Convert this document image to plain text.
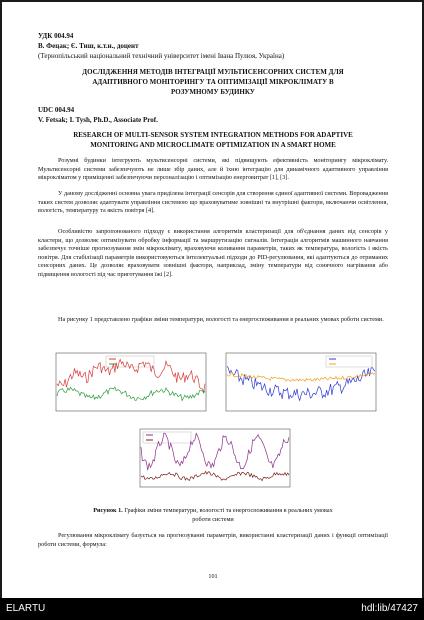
УДК 004.94
В. Фецак; Є. Тиш, к.т.н., доцент
(Тернопільський національний технічний університет імені Івана Пулюя, Україна)
ДОСЛІДЖЕННЯ МЕТОДІВ ІНТЕГРАЦІЇ МУЛЬТИСЕНСОРНИХ СИСТЕМ ДЛЯ
АДАПТИВНОГО МОНІТОРИНГУ ТА ОПТИМІЗАЦІЇ МІКРОКЛІМАТУ В
РОЗУМНОМУ БУДИНКУ
UDC 004.94
V. Fetsak; I. Tysh, Ph.D., Associate Prof.
RESEARCH OF MULTI-SENSOR SYSTEM INTEGRATION METHODS FOR ADAPTIVE
MONITORING AND MICROCLIMATE OPTIMIZATION IN A SMART HOME
Розумні будинки інтегрують мультисенсорні системи, які підвищують ефективність моніторингу мікроклімату. Мультисенсорні системи забезпечують не лише збір даних, але й їхню інтеграцію для динамічного адаптивного управління мікрокліматом у приміщенні забезпечуючи персоналізацію і оптимізацію енерговитрат [1], [3].
У даному дослідженні основна увага приділена інтеграції сенсорів для створення єдиної адаптивної системи. Впровадження таких систем дозволяє адаптувати управління системою що враховуватиме зовнішні та внутрішні фактори, включаючи освітлення, вологість, температуру та якість повітря [4].
Особливістю запропонованого підходу є використання алгоритмів кластеризації для об'єднання даних від сенсорів у кластери, що дозволяє оптимізувати обробку інформації та маршрутизацію сигналів. Інтеграція алгоритмів машинного навчання забезпечує точніше прогнозування змін мікроклімату, враховуючи коливання параметрів, таких як температура, вологість і якість повітря. Для стабілізації параметрів використовуються інтелектуальні підходи до PID-регулювання, які адаптуються до отриманих сенсорних даних. Це дозволяє враховувати зовнішні фактори, наприклад, зміну температури від сонячного нагрівання або підвищення вологості під час приготування їжі [2].
На рисунку 1 представлено графіки зміни температури, вологості та енергоспоживання в реальних умовах роботи системи.
Рисунок 1. Графіки зміни температури, вологості та енергоспоживання в реальних умовах
роботи системи
Регулювання мікроклімату базується на прогнозуванні параметрів, використанні кластеризації даних і функції оптимізації роботи системи, формула:
101
ELARTU	hdl:lib/47427
